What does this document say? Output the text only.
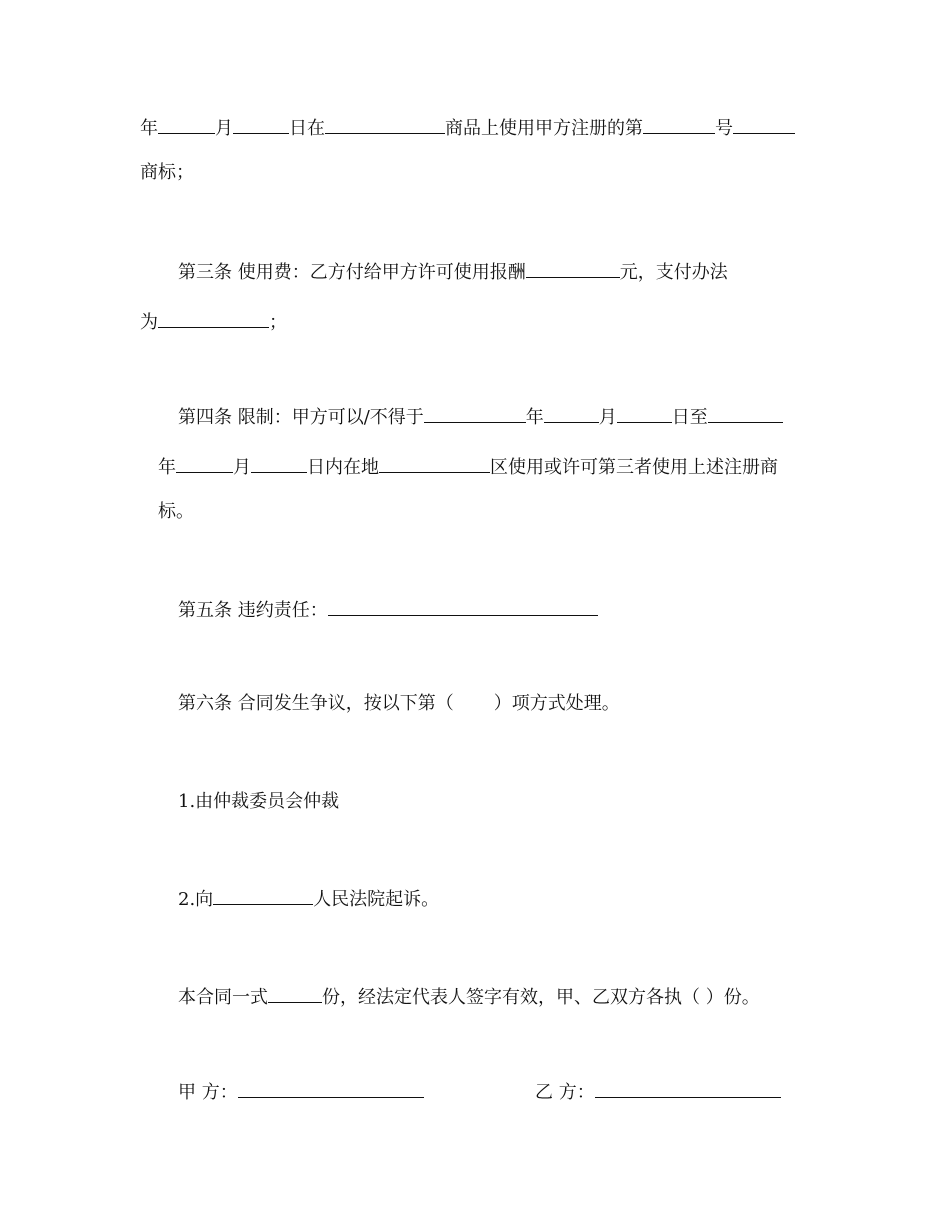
年	月	日在	商品上使用甲方注册的第	号
商标；
第三条 使用费：乙方付给甲方许可使用报酬	元，支付办法
为	；
第四条 限制：甲方可以/不得于	年	月	日至
年	月	日内在地	区使用或许可第三者使用上述注册商
标。
第五条 违约责任：
第六条 合同发生争议，按以下第（ ）项方式处理。
1.由仲裁委员会仲裁
2.向	人民法院起诉。
本合同一式	份，经法定代表人签字有效，甲、乙双方各执（ ）份。
甲 方：	乙 方：
